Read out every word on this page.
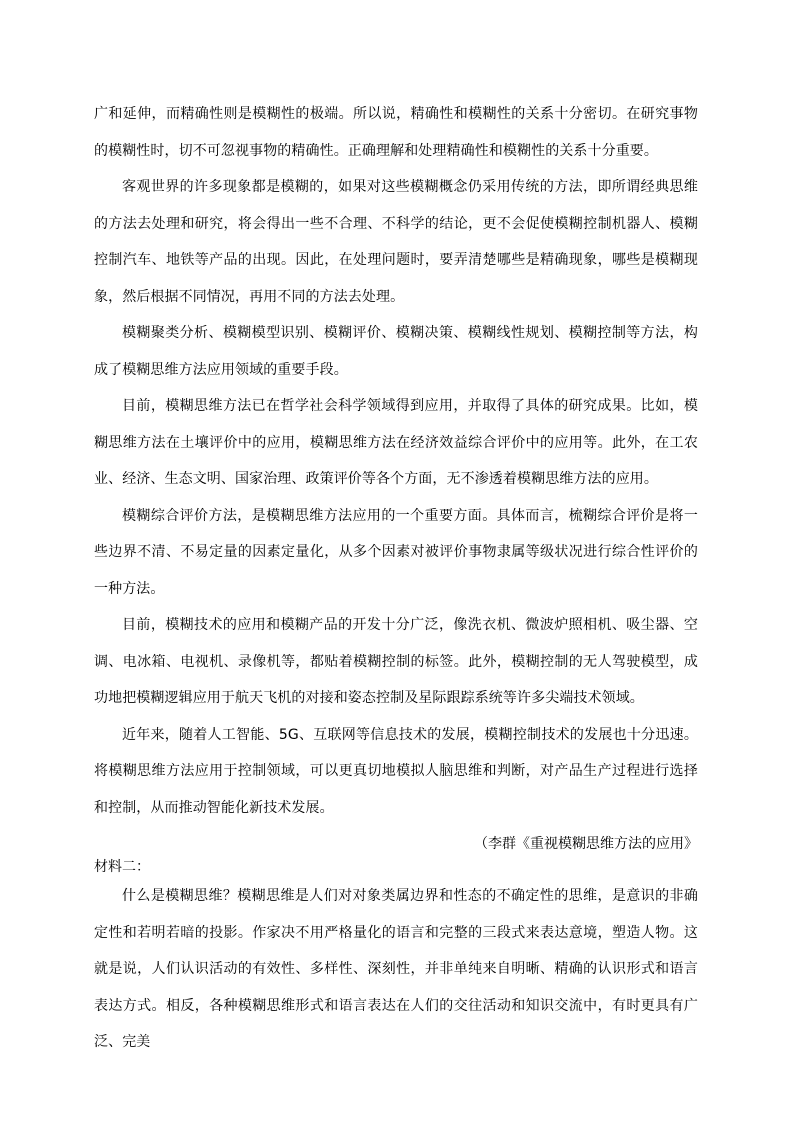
广和延伸，而精确性则是模糊性的极端。所以说，精确性和模糊性的关系十分密切。在研究事物的模糊性时，切不可忽视事物的精确性。正确理解和处理精确性和模糊性的关系十分重要。

客观世界的许多现象都是模糊的，如果对这些模糊概念仍采用传统的方法，即所谓经典思维的方法去处理和研究，将会得出一些不合理、不科学的结论，更不会促使模糊控制机器人、模糊控制汽车、地铁等产品的出现。因此，在处理问题时，要弄清楚哪些是精确现象，哪些是模糊现象，然后根据不同情况，再用不同的方法去处理。

模糊聚类分析、模糊模型识别、模糊评价、模糊决策、模糊线性规划、模糊控制等方法，构成了模糊思维方法应用领域的重要手段。

目前，模糊思维方法已在哲学社会科学领域得到应用，并取得了具体的研究成果。比如，模糊思维方法在土壤评价中的应用，模糊思维方法在经济效益综合评价中的应用等。此外，在工农业、经济、生态文明、国家治理、政策评价等各个方面，无不渗透着模糊思维方法的应用。

模糊综合评价方法，是模糊思维方法应用的一个重要方面。具体而言，梳糊综合评价是将一些边界不清、不易定量的因素定量化，从多个因素对被评价事物隶属等级状况进行综合性评价的一种方法。

目前，模糊技术的应用和模糊产品的开发十分广泛，像洗衣机、微波炉照相机、吸尘器、空调、电冰箱、电视机、录像机等，都贴着模糊控制的标签。此外，模糊控制的无人驾驶模型，成功地把模糊逻辑应用于航天飞机的对接和姿态控制及星际跟踪系统等许多尖端技术领域。

近年来，随着人工智能、5G、互联网等信息技术的发展，模糊控制技术的发展也十分迅速。将模糊思维方法应用于控制领域，可以更真切地模拟人脑思维和判断，对产品生产过程进行选择和控制，从而推动智能化新技术发展。

（李群《重视模糊思维方法的应用》

材料二：

什么是模糊思维？模糊思维是人们对对象类属边界和性态的不确定性的思维，是意识的非确定性和若明若暗的投影。作家决不用严格量化的语言和完整的三段式来表达意境，塑造人物。这就是说，人们认识活动的有效性、多样性、深刻性，并非单纯来自明晰、精确的认识形式和语言表达方式。相反，各种模糊思维形式和语言表达在人们的交往活动和知识交流中，有时更具有广泛、完美
